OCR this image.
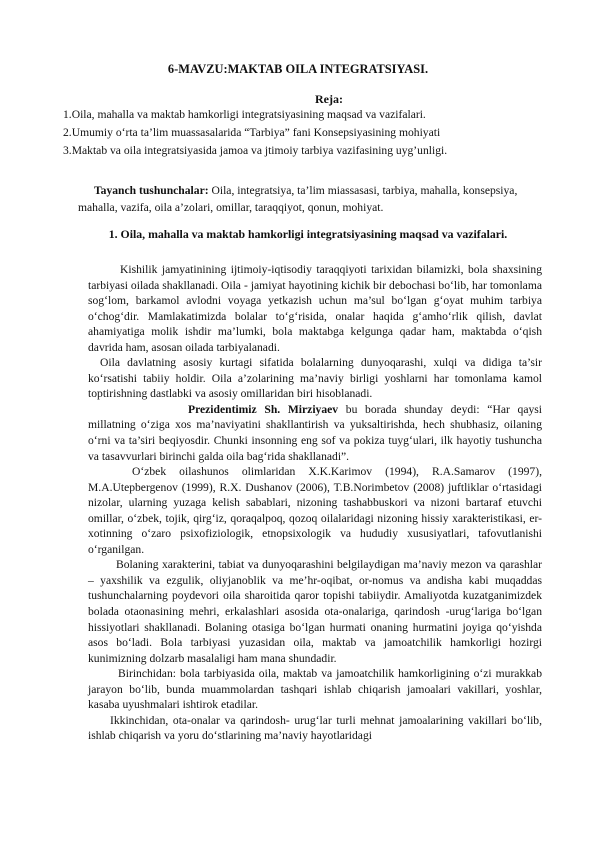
6-MAVZU:MAKTAB OILA INTEGRATSIYASI.
Reja:
1.Oila, mahalla va maktab hamkorligi integratsiyasining maqsad va vazifalari.
2.Umumiy o‘rta ta’lim muassasalarida “Tarbiya” fani Konsepsiyasining mohiyati
3.Maktab va oila integratsiyasida jamoa va jtimoiy tarbiya vazifasining uyg’unligi.
Tayanch tushunchalar: Oila, integratsiya, ta’lim miassasasi, tarbiya, mahalla, konsepsiya, mahalla, vazifa, oila a’zolari, omillar, taraqqiyot, qonun, mohiyat.
1. Oila, mahalla va maktab hamkorligi integratsiyasining maqsad va vazifalari.

Kishilik jamyatinining ijtimoiy-iqtisodiy taraqqiyoti tarixidan bilamizki, bola shaxsining tarbiyasi oilada shakllanadi. Oila - jamiyat hayotining kichik bir debochasi bo‘lib, har tomonlama sog‘lom, barkamol avlodni voyaga yetkazish uchun ma’sul bo‘lgan g‘oyat muhim tarbiya o‘chog‘dir. Mamlakatimizda bolalar to‘g‘risida, onalar haqida g‘amho‘rlik qilish, davlat ahamiyatiga molik ishdir ma’lumki, bola maktabga kelgunga qadar ham, maktabda o‘qish davrida ham, asosan oilada tarbiyalanadi.

Oila davlatning asosiy kurtagi sifatida bolalarning dunyoqarashi, xulqi va didiga ta’sir ko‘rsatishi tabiiy holdir. Oila a’zolarining ma’naviy birligi yoshlarni har tomonlama kamol toptirishning dastlabki va asosiy omillaridan biri hisoblanadi.

Prezidentimiz Sh. Mirziyaev bu borada shunday deydi: “Har qaysi millatning o‘ziga xos ma’naviyatini shakllantirish va yuksaltirishda, hech shubhasiz, oilaning o‘rni va ta’siri beqiyosdir. Chunki insonning eng sof va pokiza tuyg‘ulari, ilk hayotiy tushuncha va tasavvurlari birinchi galda oila bag‘rida shakllanadi”.

O‘zbek oilashunos olimlaridan X.K.Karimov (1994), R.A.Samarov (1997), M.A.Utepbergenov (1999), R.X. Dushanov (2006), T.B.Norimbetov (2008) juftliklar o‘rtasidagi nizolar, ularning yuzaga kelish sabablari, nizoning tashabbuskori va nizoni bartaraf etuvchi omillar, o‘zbek, tojik, qirg‘iz, qoraqalpoq, qozoq oilalaridagi nizoning hissiy xarakteristikasi, er-xotinning o‘zaro psixofiziologik, etnopsixologik va hududiy xususiyatlari, tafovutlanishi o‘rganilgan.

Bolaning xarakterini, tabiat va dunyoqarashini belgilaydigan ma’naviy mezon va qarashlar – yaxshilik va ezgulik, oliyjanoblik va me’hr-oqibat, or-nomus va andisha kabi muqaddas tushunchalarning poydevori oila sharoitida qaror topishi tabiiydir. Amaliyotda kuzatganimizdek bolada otaonasining mehri, erkalashlari asosida ota-onalariga, qarindosh -urug‘lariga bo‘lgan hissiyotlari shakllanadi. Bolaning otasiga bo‘lgan hurmati onaning hurmatini joyiga qo‘yishda asos bo‘ladi. Bola tarbiyasi yuzasidan oila, maktab va jamoatchilik hamkorligi hozirgi kunimizning dolzarb masalaligi ham mana shundadir.

Birinchidan: bola tarbiyasida oila, maktab va jamoatchilik hamkorligining o‘zi murakkab jarayon bo‘lib, bunda muammolardan tashqari ishlab chiqarish jamoalari vakillari, yoshlar, kasaba uyushmalari ishtirok etadilar.

Ikkinchidan, ota-onalar va qarindosh- urug‘lar turli mehnat jamoalarining vakillari bo‘lib, ishlab chiqarish va yoru do‘stlarining ma’naviy hayotlaridagi
